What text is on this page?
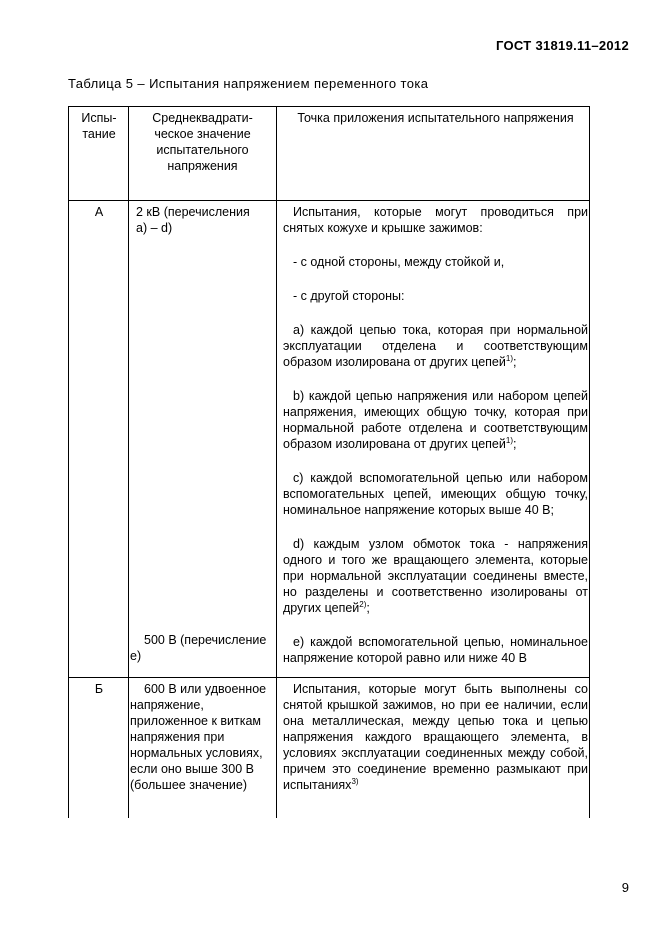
ГОСТ 31819.11–2012
Таблица 5 – Испытания напряжением переменного тока
Испы-
тание
Среднеквадрати-
ческое значение
испытательного
напряжения
Точка приложения испытательного напряжения
А	2 кВ (перечисления
а) – d)
500 В (перечисление
е)

Испытания, которые могут проводиться при снятых кожухе и крышке зажимов:

- с одной стороны, между стойкой и,

- с другой стороны:

а) каждой цепью тока, которая при нормальной эксплуатации отделена и соответствующим образом изолирована от других цепей$^{1)}$;

b) каждой цепью напряжения или набором цепей напряжения, имеющих общую точку, которая при нормальной работе отделена и соответствующим образом изолирована от других цепей$^{1)}$;

с) каждой вспомогательной цепью или набором вспомогательных цепей, имеющих общую точку, номинальное напряжение которых выше 40 В;

d) каждым узлом обмоток тока - напряжения одного и того же вращающего элемента, которые при нормальной эксплуатации соединены вместе, но разделены и соответственно изолированы от других цепей$^{2)}$;

е) каждой вспомогательной цепью, номинальное напряжение которой равно или ниже 40 В

Б	600 В или удвоенное напряжение, приложенное к виткам напряжения при нормальных условиях, если оно выше 300 В (большее значение)
Испытания, которые могут быть выполнены со снятой крышкой зажимов, но при ее наличии, если она металлическая, между цепью тока и цепью напряжения каждого вращающего элемента, в условиях эксплуатации соединенных между собой, причем это соединение временно размыкают при испытаниях$^{3)}$
9
